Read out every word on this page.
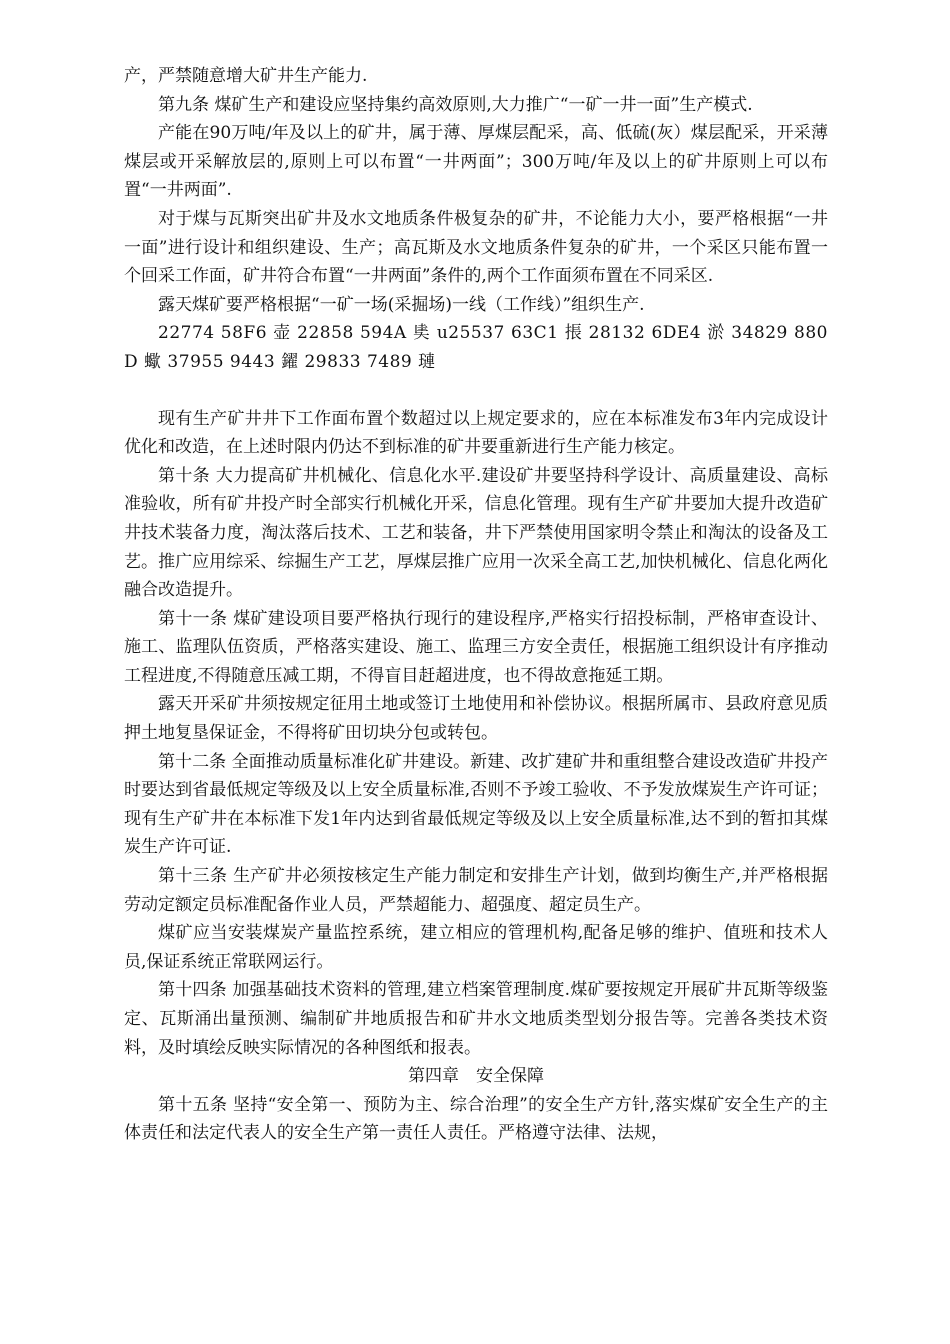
产，严禁随意增大矿井生产能力.

第九条 煤矿生产和建设应坚持集约高效原则,大力推广“一矿一井一面”生产模式.

产能在90万吨/年及以上的矿井，属于薄、厚煤层配采，高、低硫(灰）煤层配采，开采薄煤层或开采解放层的,原则上可以布置“一井两面”；300万吨/年及以上的矿井原则上可以布置“一井两面”.

对于煤与瓦斯突出矿井及水文地质条件极复杂的矿井，不论能力大小，要严格根据“一井一面”进行设计和组织建设、生产；高瓦斯及水文地质条件复杂的矿井，一个采区只能布置一个回采工作面，矿井符合布置“一井两面”条件的,两个工作面须布置在不同采区.

露天煤矿要严格根据“一矿一场(采掘场)一线（工作线）”组织生产.

22774 58F6 壶 22858 594A 奊 u25537 63C1 掁 28132 6DE4 淤 34829 880D 蠍 37955 9443 鑃 29833 7489 璉

现有生产矿井井下工作面布置个数超过以上规定要求的，应在本标准发布3年内完成设计优化和改造，在上述时限内仍达不到标准的矿井要重新进行生产能力核定。

第十条 大力提高矿井机械化、信息化水平.建设矿井要坚持科学设计、高质量建设、高标准验收，所有矿井投产时全部实行机械化开采，信息化管理。现有生产矿井要加大提升改造矿井技术装备力度，淘汰落后技术、工艺和装备，井下严禁使用国家明令禁止和淘汰的设备及工艺。推广应用综采、综掘生产工艺，厚煤层推广应用一次采全高工艺,加快机械化、信息化两化融合改造提升。

第十一条 煤矿建设项目要严格执行现行的建设程序,严格实行招投标制，严格审查设计、施工、监理队伍资质，严格落实建设、施工、监理三方安全责任，根据施工组织设计有序推动工程进度,不得随意压减工期，不得盲目赶超进度，也不得故意拖延工期。

露天开采矿井须按规定征用土地或签订土地使用和补偿协议。根据所属市、县政府意见质押土地复垦保证金，不得将矿田切块分包或转包。

第十二条 全面推动质量标准化矿井建设。新建、改扩建矿井和重组整合建设改造矿井投产时要达到省最低规定等级及以上安全质量标准,否则不予竣工验收、不予发放煤炭生产许可证；现有生产矿井在本标准下发1年内达到省最低规定等级及以上安全质量标准,达不到的暂扣其煤炭生产许可证.

第十三条 生产矿井必须按核定生产能力制定和安排生产计划，做到均衡生产,并严格根据劳动定额定员标准配备作业人员，严禁超能力、超强度、超定员生产。

煤矿应当安装煤炭产量监控系统，建立相应的管理机构,配备足够的维护、值班和技术人员,保证系统正常联网运行。

第十四条 加强基础技术资料的管理,建立档案管理制度.煤矿要按规定开展矿井瓦斯等级鉴定、瓦斯涌出量预测、编制矿井地质报告和矿井水文地质类型划分报告等。完善各类技术资料，及时填绘反映实际情况的各种图纸和报表。

第四章　安全保障

第十五条 坚持“安全第一、预防为主、综合治理”的安全生产方针,落实煤矿安全生产的主体责任和法定代表人的安全生产第一责任人责任。严格遵守法律、法规，
